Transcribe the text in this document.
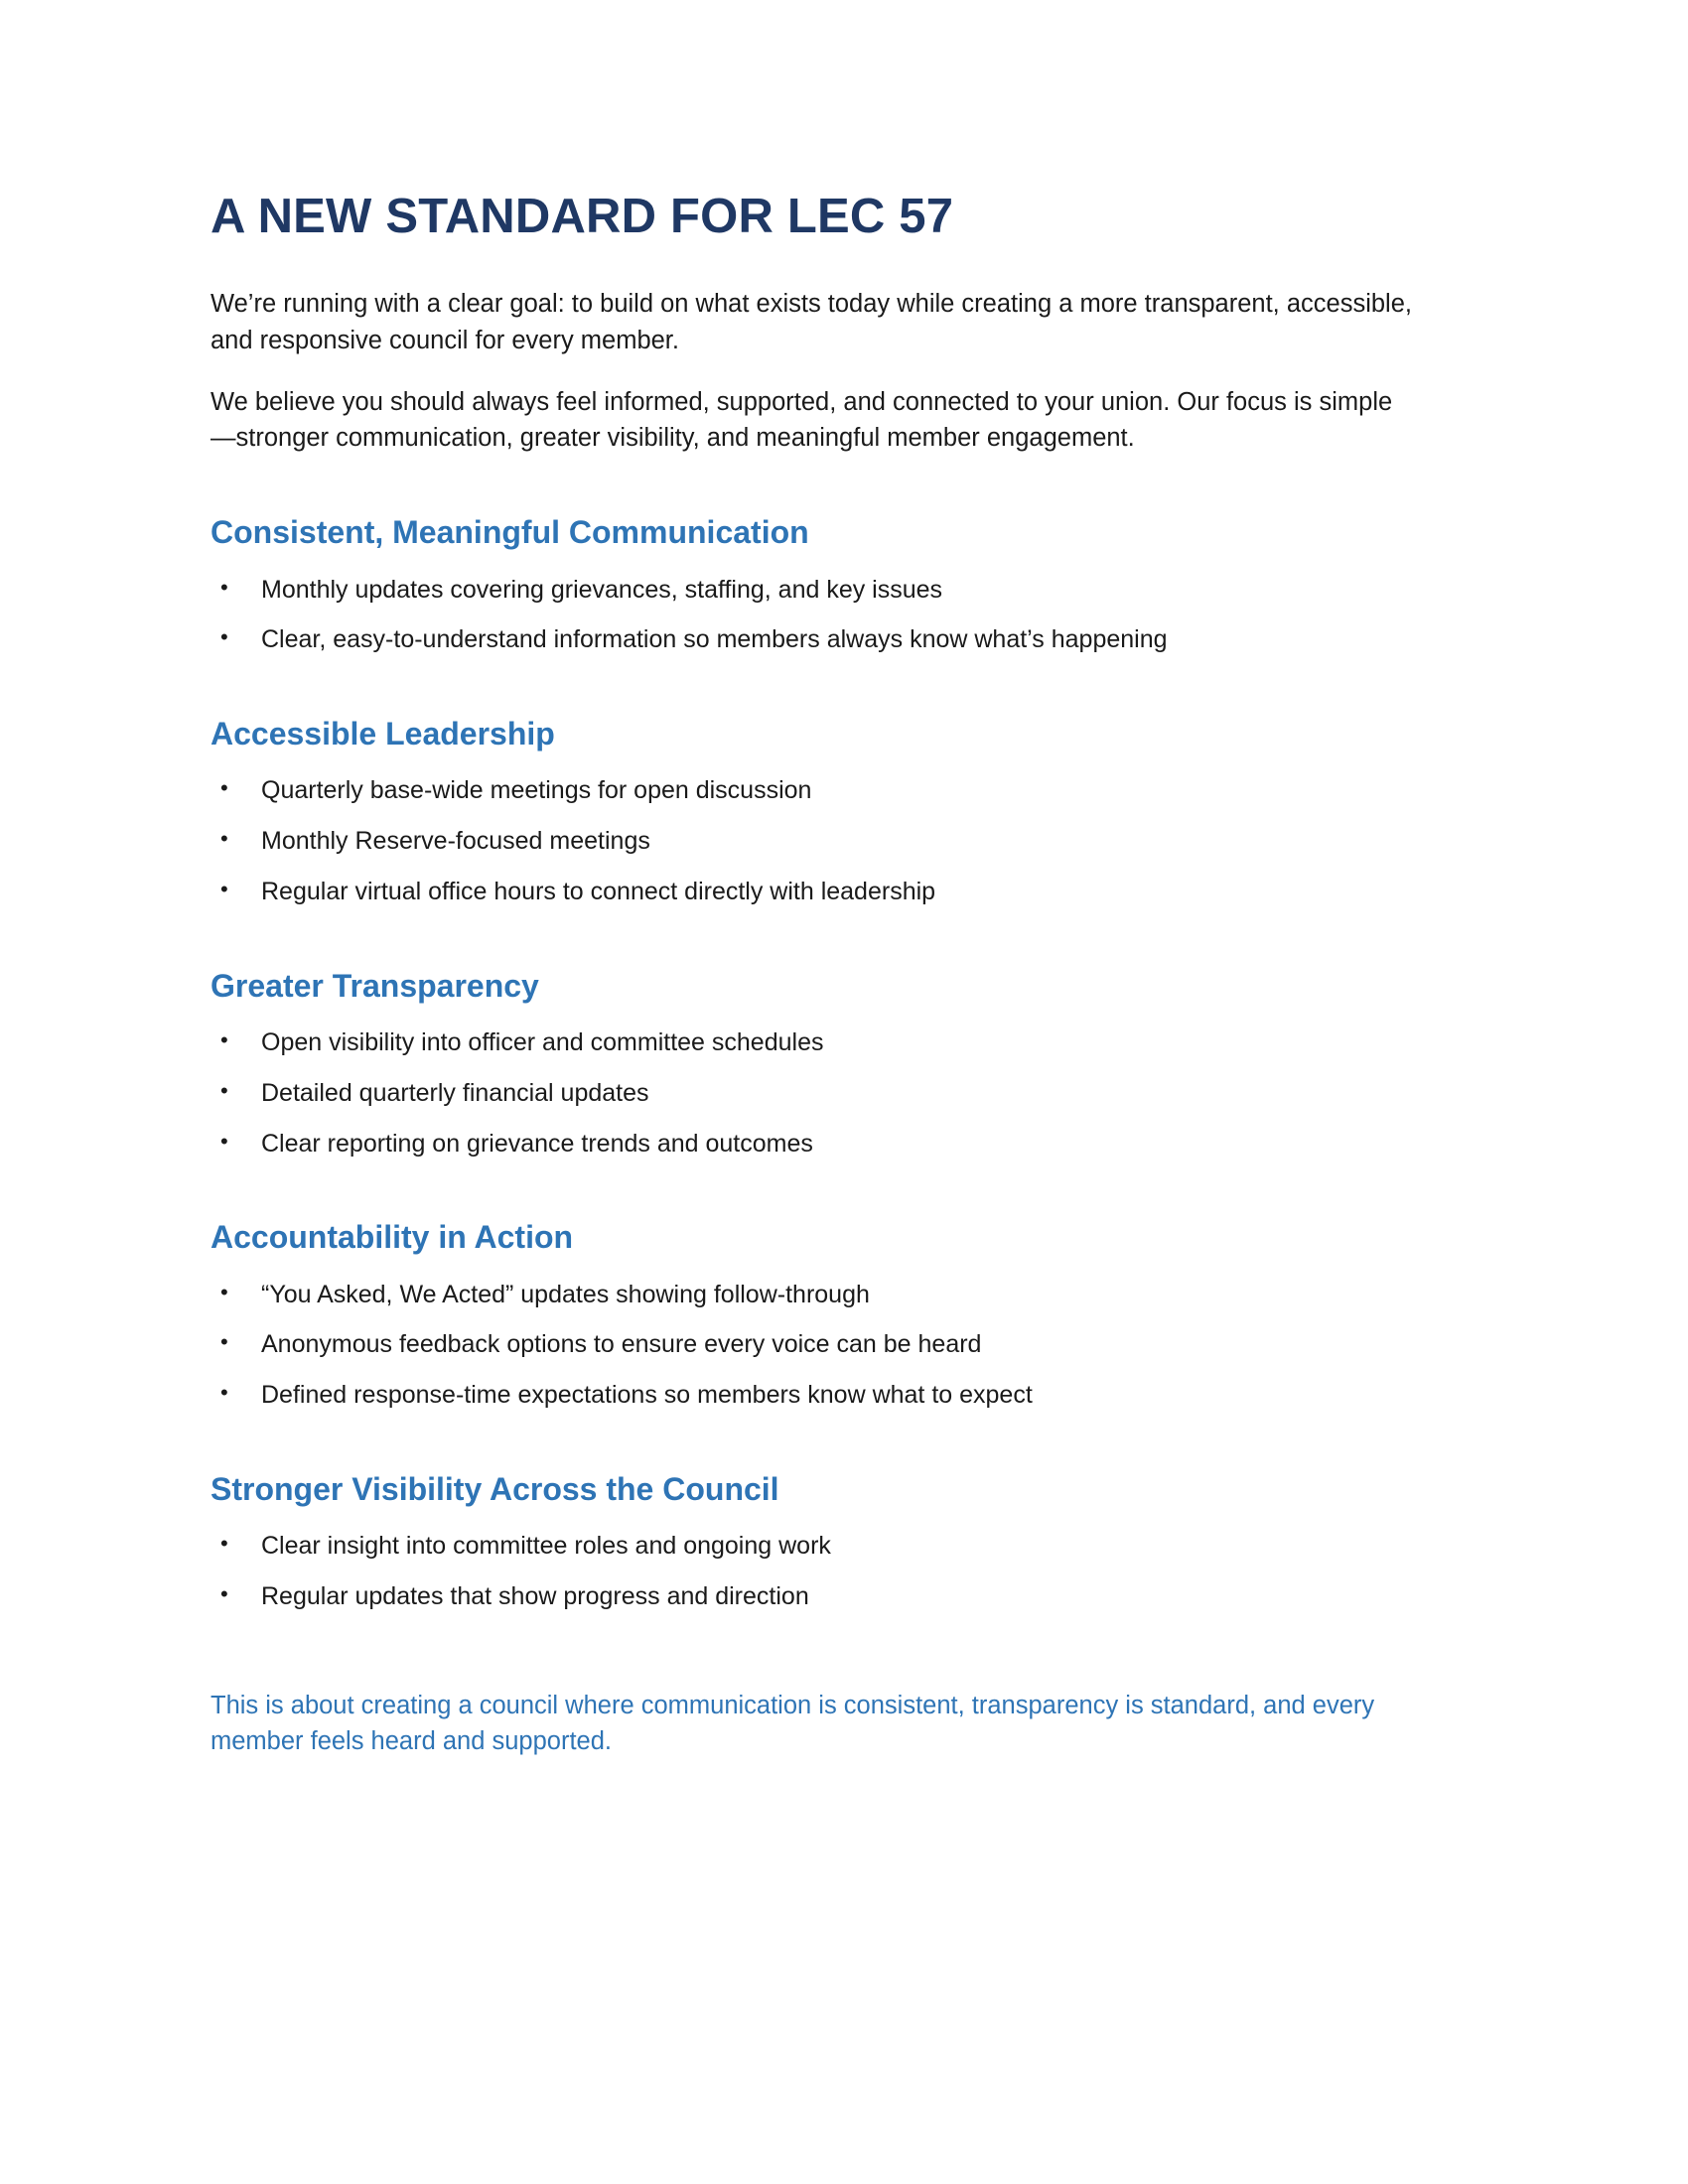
A NEW STANDARD FOR LEC 57

We’re running with a clear goal: to build on what exists today while creating a more transparent, accessible, and responsive council for every member.

We believe you should always feel informed, supported, and connected to your union. Our focus is simple—stronger communication, greater visibility, and meaningful member engagement.

Consistent, Meaningful Communication
• Monthly updates covering grievances, staffing, and key issues
• Clear, easy-to-understand information so members always know what’s happening
Accessible Leadership
• Quarterly base-wide meetings for open discussion
• Monthly Reserve-focused meetings
• Regular virtual office hours to connect directly with leadership
Greater Transparency
• Open visibility into officer and committee schedules
• Detailed quarterly financial updates
• Clear reporting on grievance trends and outcomes
Accountability in Action
• “You Asked, We Acted” updates showing follow-through
• Anonymous feedback options to ensure every voice can be heard
• Defined response-time expectations so members know what to expect
Stronger Visibility Across the Council
• Clear insight into committee roles and ongoing work
• Regular updates that show progress and direction

This is about creating a council where communication is consistent, transparency is standard, and every member feels heard and supported.
